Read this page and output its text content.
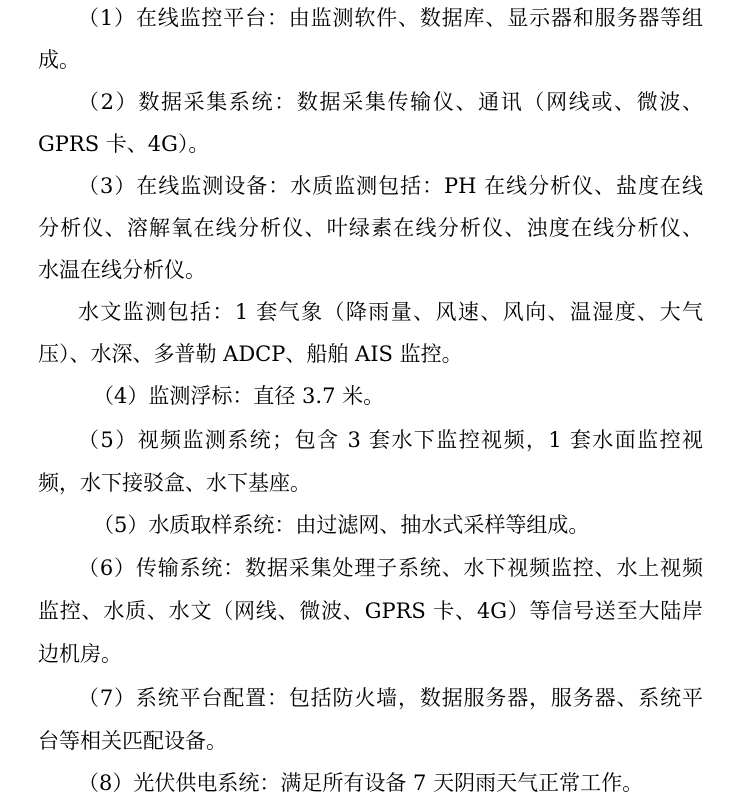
（1）在线监控平台：由监测软件、数据库、显示器和服务器等组
成。
（2）数据采集系统：数据采集传输仪、通讯（网线或、微波、
GPRS 卡、4G）。
（3）在线监测设备：水质监测包括：PH 在线分析仪、盐度在线
分析仪、溶解氧在线分析仪、叶绿素在线分析仪、浊度在线分析仪、
水温在线分析仪。
水文监测包括：1 套气象（降雨量、风速、风向、温湿度、大气
压）、水深、多普勒 ADCP、船舶 AIS 监控。
（4）监测浮标：直径 3.7 米。
（5）视频监测系统；包含 3 套水下监控视频，1 套水面监控视
频，水下接驳盒、水下基座。
（5）水质取样系统：由过滤网、抽水式采样等组成。
（6）传输系统：数据采集处理子系统、水下视频监控、水上视频
监控、水质、水文（网线、微波、GPRS 卡、4G）等信号送至大陆岸
边机房。
（7）系统平台配置：包括防火墙，数据服务器，服务器、系统平
台等相关匹配设备。
（8）光伏供电系统：满足所有设备 7 天阴雨天气正常工作。
